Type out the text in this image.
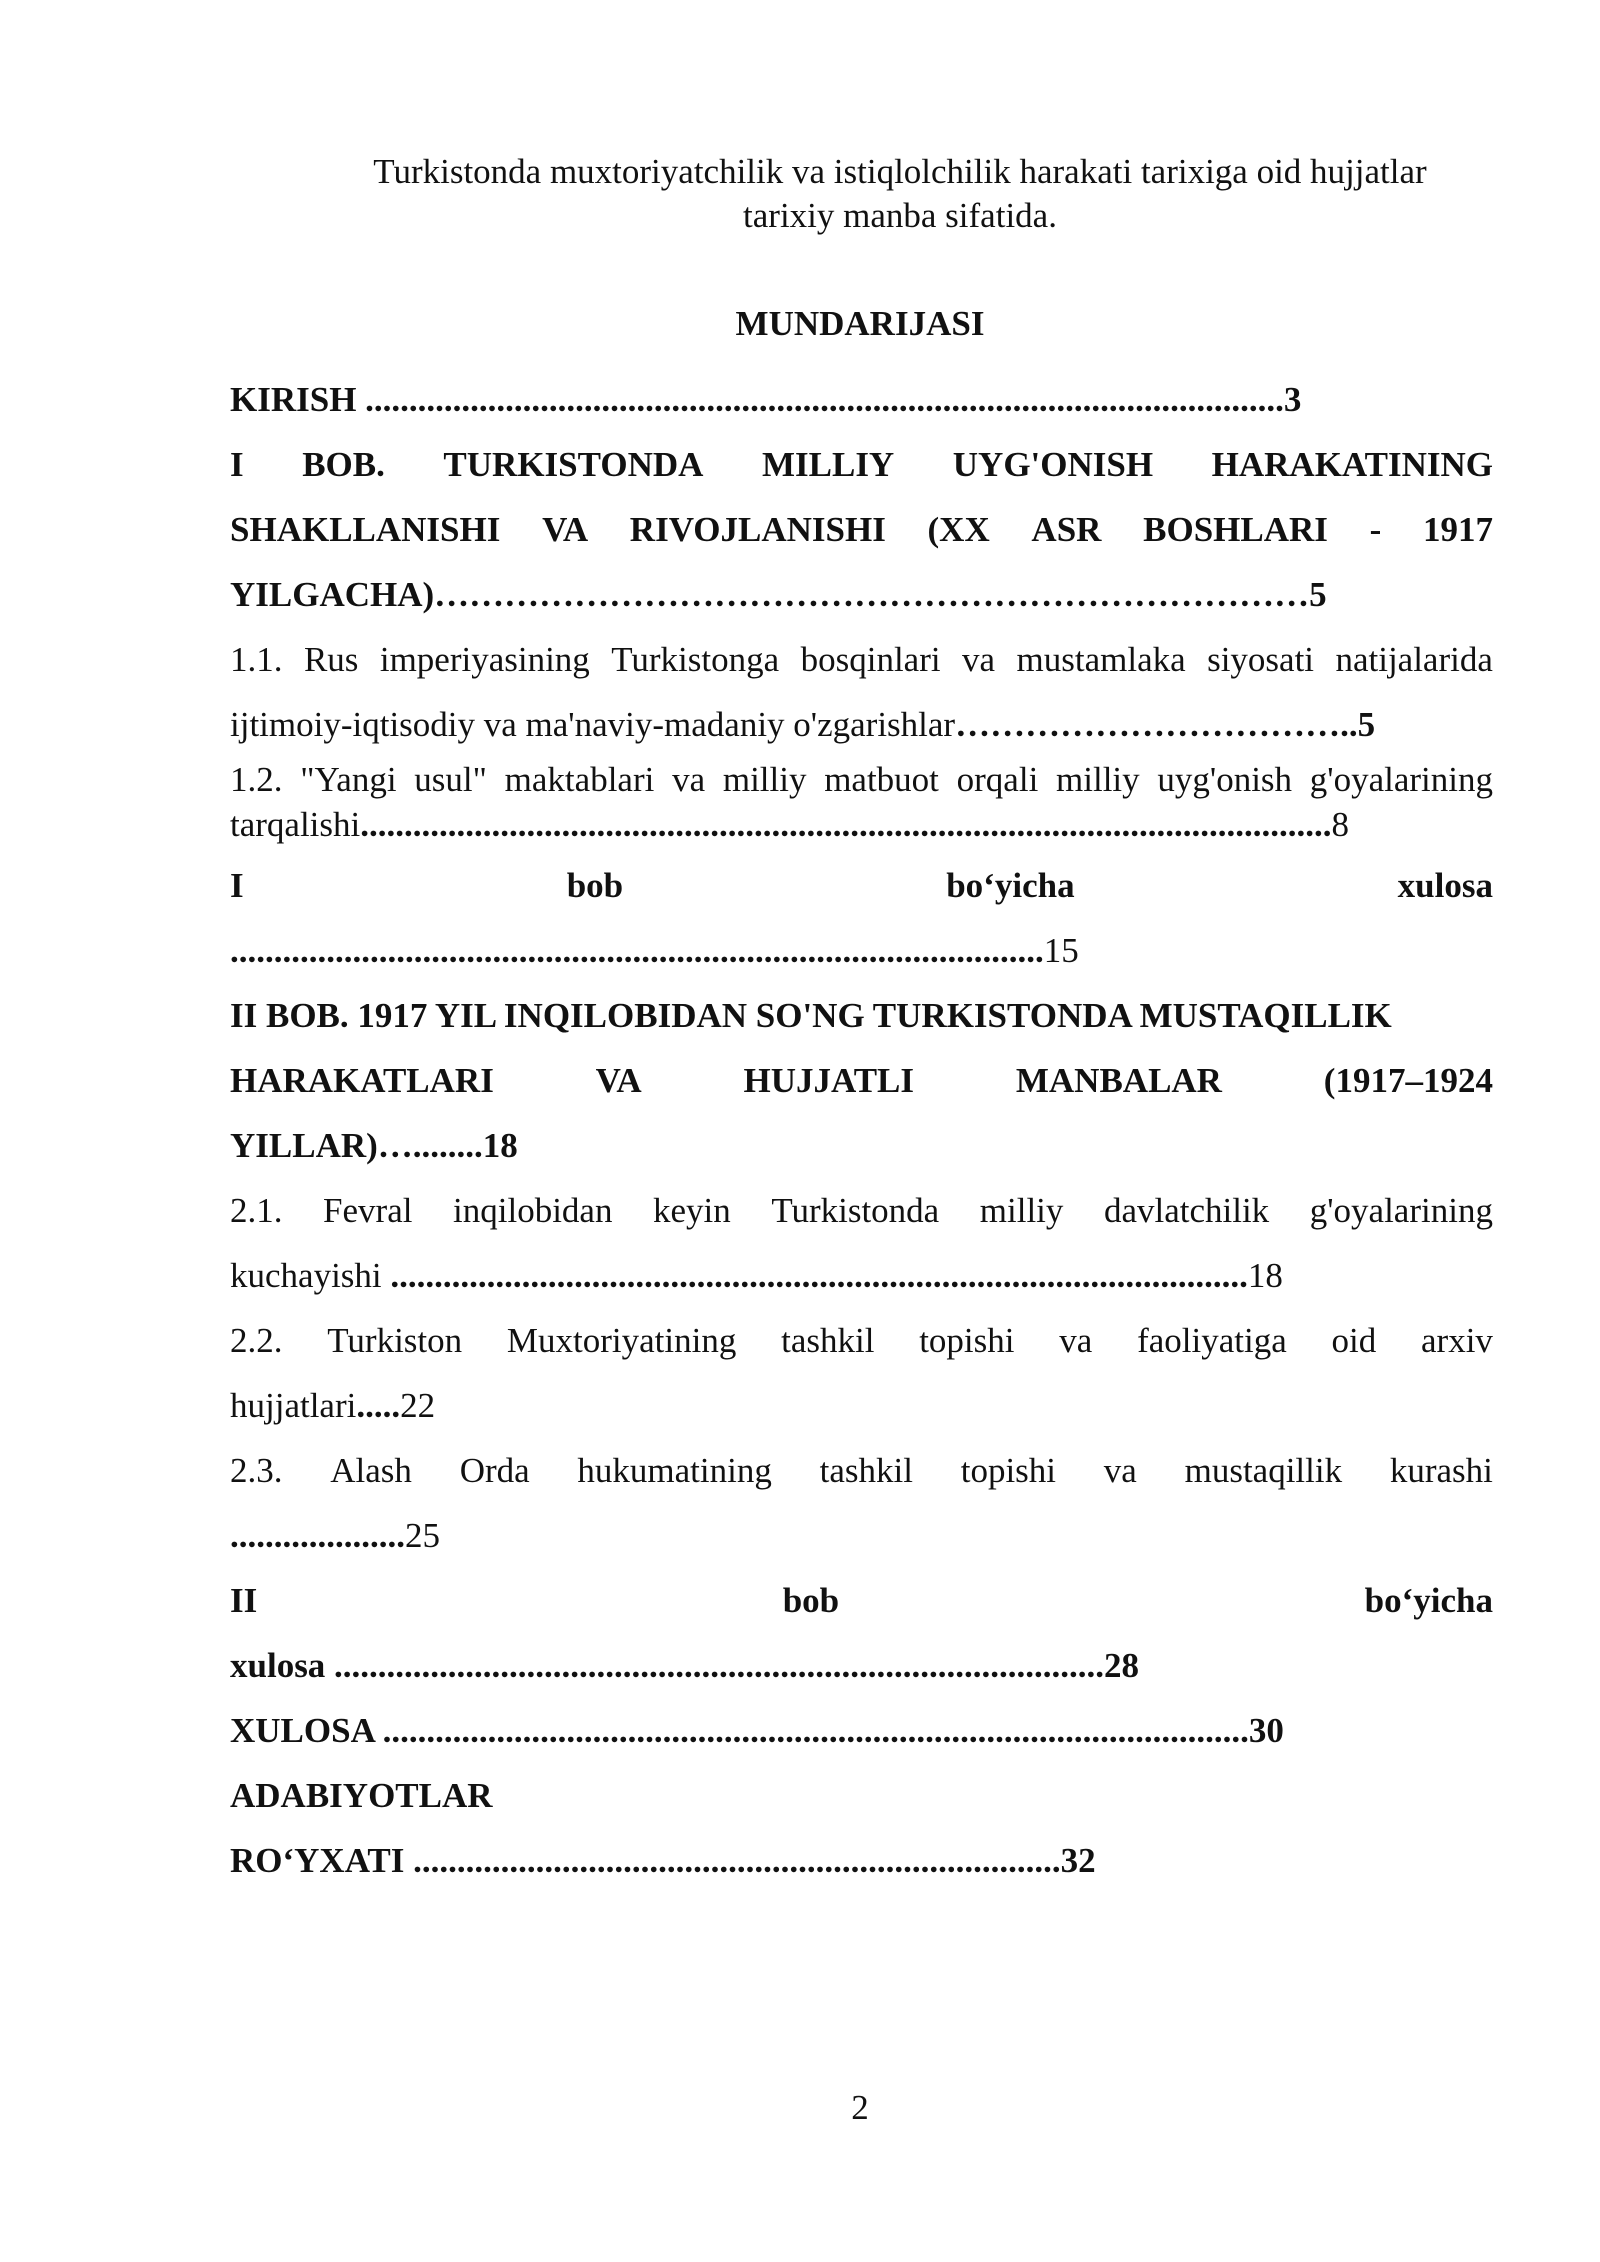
Turkistonda muxtoriyatchilik va istiqlolchilik harakati tarixiga oid hujjatlar
tarixiy manba sifatida.
MUNDARIJASI
KIRISH .........................................................................................................3
I BOB. TURKISTONDA MILLIY UYG'ONISH HARAKATINING
SHAKLLANISHI VA RIVOJLANISHI (XX ASR BOSHLARI - 1917
YILGACHA)…………………………………………………………………5
1.1. Rus imperiyasining Turkistonga bosqinlari va mustamlaka siyosati natijalarida
ijtimoiy-iqtisodiy va ma'naviy-madaniy o'zgarishlar……………………………..5
1.2. "Yangi usul" maktablari va milliy matbuot orqali milliy uyg'onish g'oyalarining
tarqalishi...............................................................................................................8
I	bob	bo‘yicha	xulosa
.............................................................................................15
II BOB. 1917 YIL INQILOBIDAN SO'NG TURKISTONDA MUSTAQILLIK
HARAKATLARI	VA	HUJJATLI	MANBALAR	(1917–1924
YILLAR)…........18
2.1. Fevral inqilobidan keyin Turkistonda milliy davlatchilik g'oyalarining
kuchayishi ..................................................................................................18
2.2. Turkiston Muxtoriyatining tashkil topishi va faoliyatiga oid arxiv
hujjatlari.....22
2.3. Alash Orda hukumatining tashkil topishi va mustaqillik kurashi
....................25
II	bob	bo‘yicha
xulosa ........................................................................................28
XULOSA ...................................................................................................30
ADABIYOTLAR
RO‘YXATI ..........................................................................32
2
